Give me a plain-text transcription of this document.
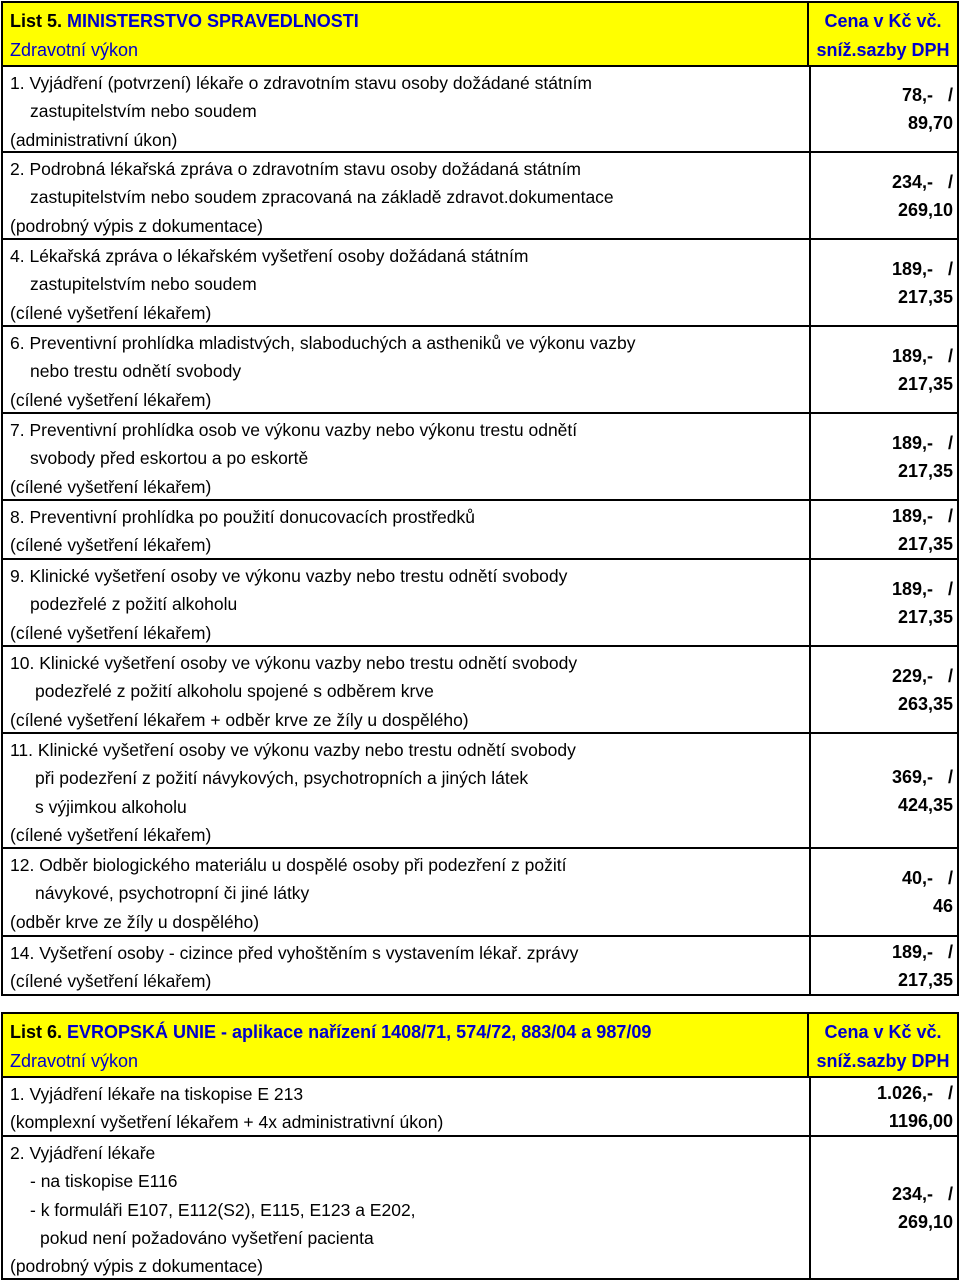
List 5. MINISTERSTVO SPRAVEDLNOSTI
Zdravotní výkon
Cena v Kč vč.
sníž.sazby DPH
1. Vyjádření (potvrzení) lékaře o zdravotním stavu osoby dožádané státním
zastupitelstvím nebo soudem
(administrativní úkon)
78,-   /
89,70
2. Podrobná lékařská zpráva o zdravotním stavu osoby dožádaná státním
zastupitelstvím nebo soudem zpracovaná na základě zdravot.dokumentace
(podrobný výpis z dokumentace)
234,-   /
269,10
4. Lékařská zpráva o lékařském vyšetření osoby dožádaná státním
zastupitelstvím nebo soudem
(cílené vyšetření lékařem)
189,-   /
217,35
6. Preventivní prohlídka mladistvých, slaboduchých a astheniků ve výkonu vazby
nebo trestu odnětí svobody
(cílené vyšetření lékařem)
189,-   /
217,35
7. Preventivní prohlídka osob ve výkonu vazby nebo výkonu trestu odnětí
svobody před eskortou a po eskortě
(cílené vyšetření lékařem)
189,-   /
217,35
8. Preventivní prohlídka po použití donucovacích prostředků
(cílené vyšetření lékařem)
189,-   /
217,35
9. Klinické vyšetření osoby ve výkonu vazby nebo trestu odnětí svobody
podezřelé z požití alkoholu
(cílené vyšetření lékařem)
189,-   /
217,35
10. Klinické vyšetření osoby ve výkonu vazby nebo trestu odnětí svobody
podezřelé z požití alkoholu spojené s odběrem krve
(cílené vyšetření lékařem + odběr krve ze žíly u dospělého)
229,-   /
263,35
11. Klinické vyšetření osoby ve výkonu vazby nebo trestu odnětí svobody
při podezření z požití návykových, psychotropních a jiných látek
s výjimkou alkoholu
(cílené vyšetření lékařem)
369,-   /
424,35
12. Odběr biologického materiálu u dospělé osoby při podezření z požití
návykové, psychotropní či jiné látky
(odběr krve ze žíly u dospělého)
40,-   /
46
14. Vyšetření osoby - cizince před vyhoštěním s vystavením lékař. zprávy
(cílené vyšetření lékařem)
189,-   /
217,35
List 6. EVROPSKÁ UNIE - aplikace nařízení 1408/71, 574/72, 883/04 a 987/09
Zdravotní výkon
Cena v Kč vč.
sníž.sazby DPH
1. Vyjádření lékaře na tiskopise E 213
(komplexní vyšetření lékařem + 4x administrativní úkon)
1.026,-   /
1196,00
2. Vyjádření lékaře
- na tiskopise E116
- k formuláři E107, E112(S2), E115, E123 a E202,
pokud není požadováno vyšetření pacienta
(podrobný výpis z dokumentace)
234,-   /
269,10
